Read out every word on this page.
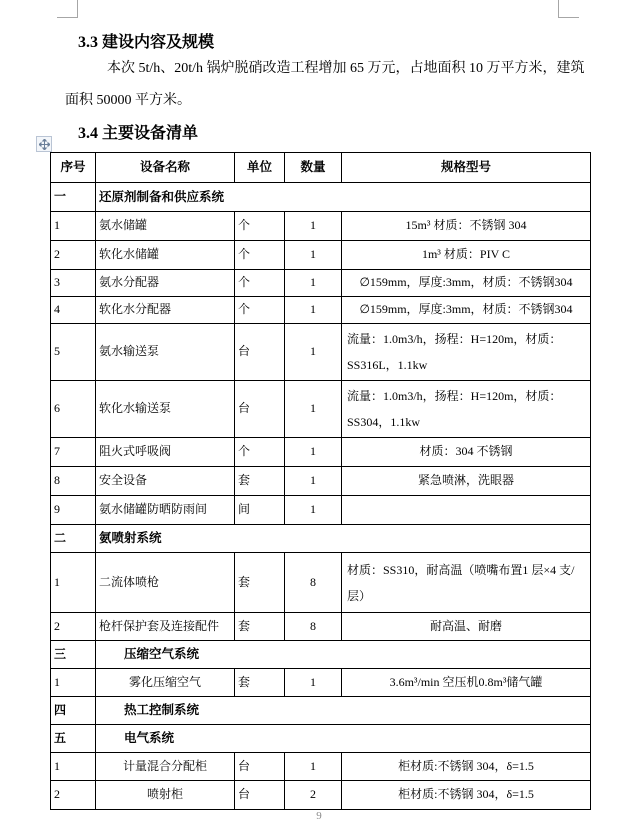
3.3 建设内容及规模

本次 5t/h、20t/h 锅炉脱硝改造工程增加 65 万元，占地面积 10 万平方米，建筑面积 50000 平方米。

3.4 主要设备清单
序号	设备名称	单位	数量	规格型号
一	还原剂制备和供应系统			
1	氨水储罐	个	1	15m³ 材质：不锈钢 304
2	软化水储罐	个	1	1m³ 材质：PIV C
3	氨水分配器	个	1	∅159mm，厚度:3mm，材质：不锈钢304
4	软化水分配器	个	1	∅159mm，厚度:3mm，材质：不锈钢304
5	氨水输送泵	台	1	流量：1.0m3/h，扬程：H=120m，材质：SS316L，1.1kw
6	软化水输送泵	台	1	流量：1.0m3/h，扬程：H=120m，材质：SS304，1.1kw
7	阻火式呼吸阀	个	1	材质：304 不锈钢
8	安全设备	套	1	紧急喷淋，洗眼器
9	氨水储罐防晒防雨间	间	1	
二	氨喷射系统			
1	二流体喷枪	套	8	材质：SS310，耐高温（喷嘴布置1 层×4 支/层）
2	枪杆保护套及连接配件	套	8	耐高温、耐磨
三	　　压缩空气系统			
1	雾化压缩空气	套	1	3.6m³/min 空压机0.8m³储气罐
四	　　热工控制系统			
五	　　电气系统			
1	计量混合分配柜	台	1	柜材质:不锈钢 304，δ=1.5
2	喷射柜	台	2	柜材质:不锈钢 304，δ=1.5
9
